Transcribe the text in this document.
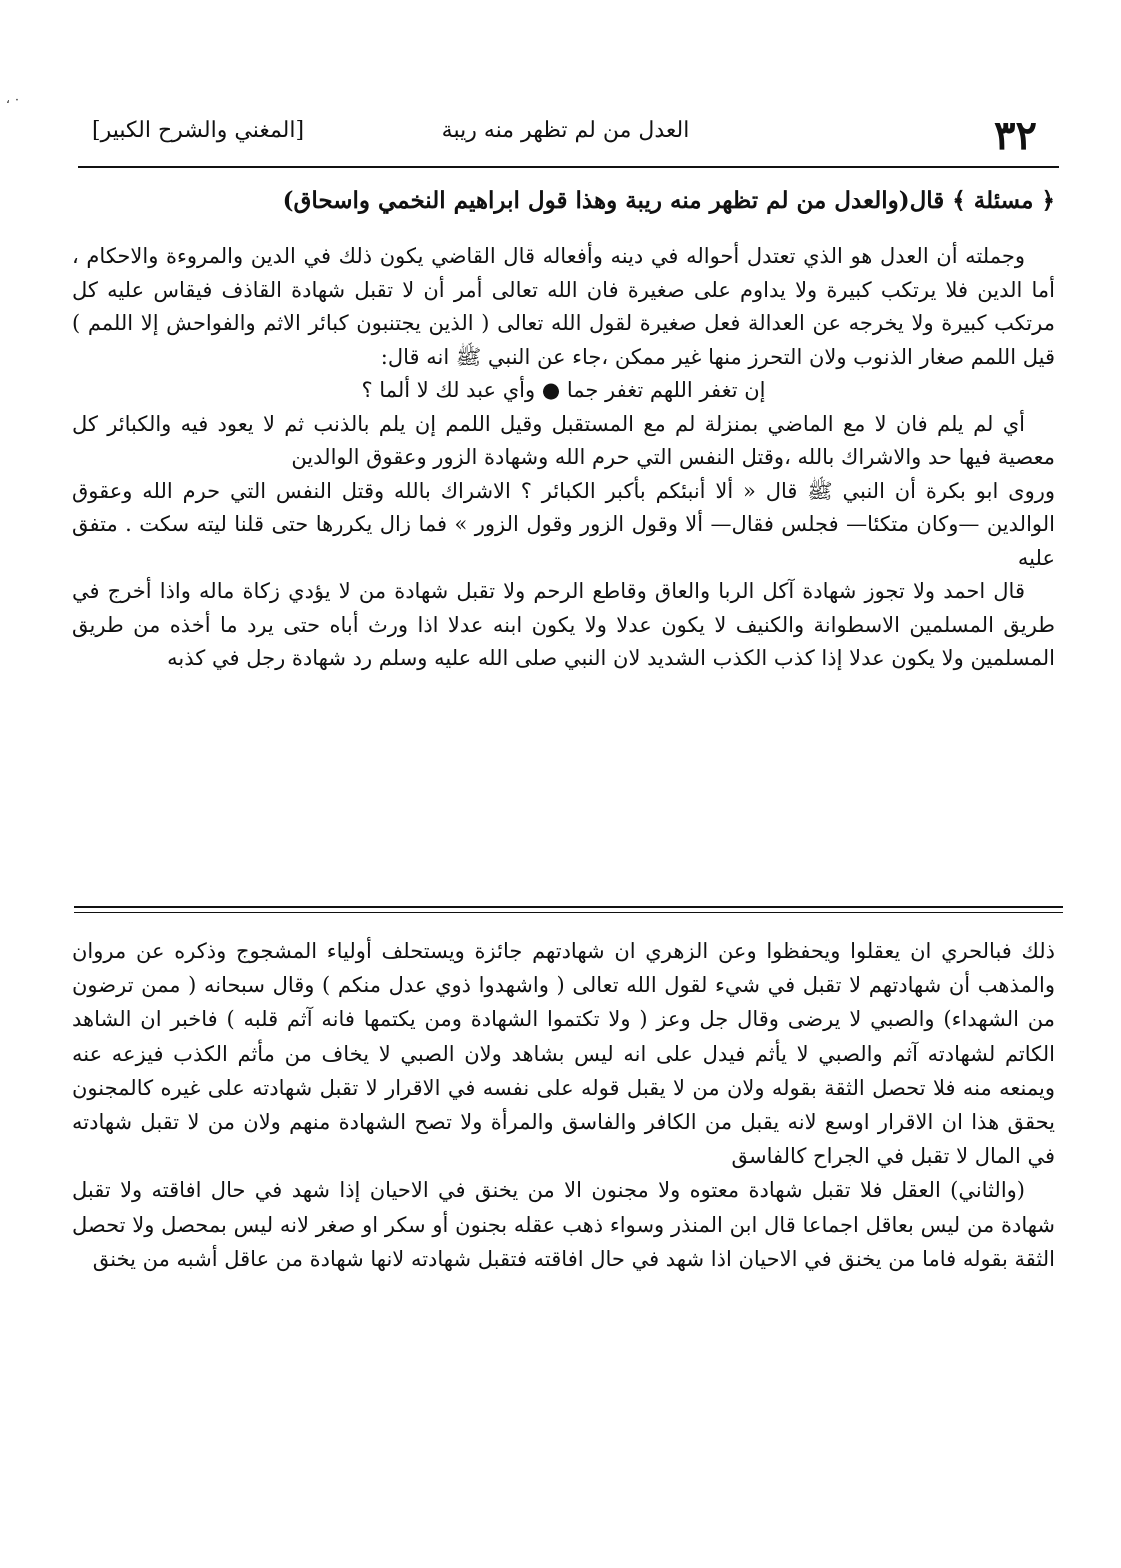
، ٠
٣٢
العدل من لم تظهر منه ريبة
[المغني والشرح الكبير]

﴿ مسئلة ﴾ قال(والعدل من لم تظهر منه ريبة وهذا قول ابراهيم النخمي واسحاق)

وجملته أن العدل هو الذي تعتدل أحواله في دينه وأفعاله قال القاضي يكون ذلك في الدين والمروءة والاحكام ، أما الدين فلا يرتكب كبيرة ولا يداوم على صغيرة فان الله تعالى أمر أن لا تقبل شهادة القاذف فيقاس عليه كل مرتكب كبيرة ولا يخرجه عن العدالة فعل صغيرة لقول الله تعالى ( الذين يجتنبون كبائر الاثم والفواحش إلا اللمم ) قيل اللمم صغار الذنوب ولان التحرز منها غير ممكن ،جاء عن النبي ﷺ انه قال:

إن تغفر اللهم تغفر جما ● وأي عبد لك لا ألما ؟

أي لم يلم فان لا مع الماضي بمنزلة لم مع المستقبل وقيل اللمم إن يلم بالذنب ثم لا يعود فيه والكبائر كل معصية فيها حد والاشراك بالله ،وقتل النفس التي حرم الله وشهادة الزور وعقوق الوالدين

وروى ابو بكرة أن النبي ﷺ قال « ألا أنبئكم بأكبر الكبائر ؟ الاشراك بالله وقتل النفس التي حرم الله وعقوق الوالدين —وكان متكئا— فجلس فقال— ألا وقول الزور وقول الزور » فما زال يكررها حتى قلنا ليته سكت . متفق عليه

قال احمد ولا تجوز شهادة آكل الربا والعاق وقاطع الرحم ولا تقبل شهادة من لا يؤدي زكاة ماله واذا أخرج في طريق المسلمين الاسطوانة والكنيف لا يكون عدلا ولا يكون ابنه عدلا اذا ورث أباه حتى يرد ما أخذه من طريق المسلمين ولا يكون عدلا إذا كذب الكذب الشديد لان النبي صلى الله عليه وسلم رد شهادة رجل في كذبه

ذلك فبالحري ان يعقلوا ويحفظوا وعن الزهري ان شهادتهم جائزة ويستحلف أولياء المشجوج وذكره عن مروان والمذهب أن شهادتهم لا تقبل في شيء لقول الله تعالى ( واشهدوا ذوي عدل منكم ) وقال سبحانه ( ممن ترضون من الشهداء) والصبي لا يرضى وقال جل وعز ( ولا تكتموا الشهادة ومن يكتمها فانه آثم قلبه ) فاخبر ان الشاهد الكاتم لشهادته آثم والصبي لا يأثم فيدل على انه ليس بشاهد ولان الصبي لا يخاف من مأثم الكذب فيزعه عنه ويمنعه منه فلا تحصل الثقة بقوله ولان من لا يقبل قوله على نفسه في الاقرار لا تقبل شهادته على غيره كالمجنون يحقق هذا ان الاقرار اوسع لانه يقبل من الكافر والفاسق والمرأة ولا تصح الشهادة منهم ولان من لا تقبل شهادته في المال لا تقبل في الجراح كالفاسق

(والثاني) العقل فلا تقبل شهادة معتوه ولا مجنون الا من يخنق في الاحيان إذا شهد في حال افاقته ولا تقبل شهادة من ليس بعاقل اجماعا قال ابن المنذر وسواء ذهب عقله بجنون أو سكر او صغر لانه ليس بمحصل ولا تحصل الثقة بقوله فاما من يخنق في الاحيان اذا شهد في حال افاقته فتقبل شهادته لانها شهادة من عاقل أشبه من يخنق
